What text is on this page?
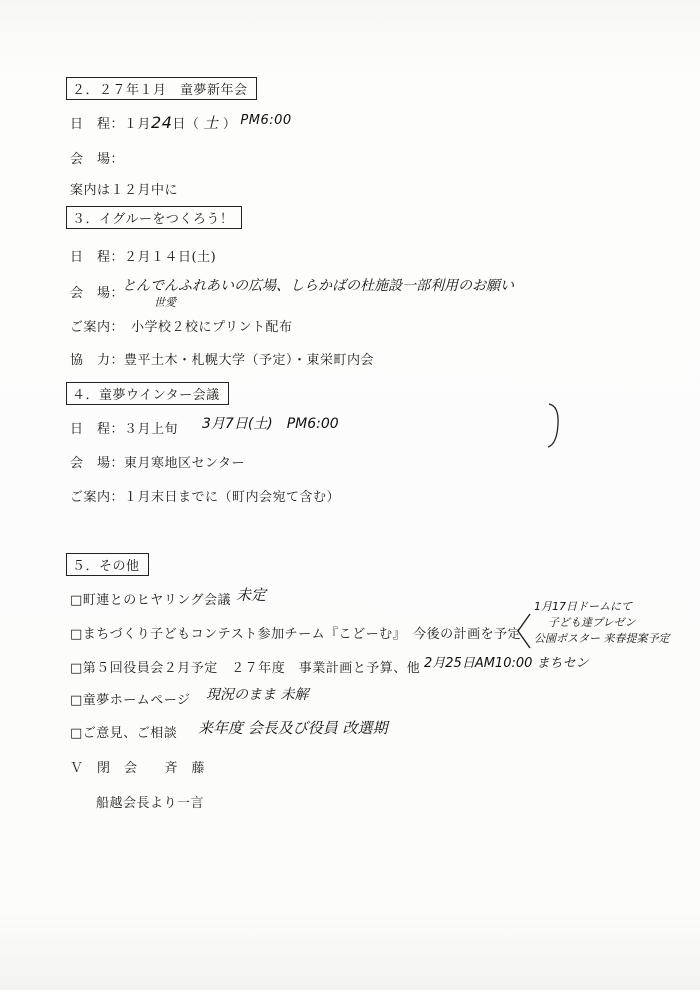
２．２７年１月　童夢新年会
日　程：１月24日（ 土 ） PM6:00
会　場：
案内は１２月中に
３．イグルーをつくろう！
日　程：２月１４日(土)
会　場：
とんでんふれあいの広場、しらかばの杜施設一部利用のお願い
世愛
ご案内：　小学校２校にプリント配布
協　力：豊平土木・札幌大学（予定）・東栄町内会
４．童夢ウインター会議
日　程：３月上旬 3月7日(土)　PM6:00
会　場：東月寒地区センター
ご案内：１月末日までに（町内会宛て含む）
５．その他
□町連とのヒヤリング会議 未定
□まちづくり子どもコンテスト参加チーム『こどーむ』　今後の計画を予定
1月17日ドームにて
子ども達プレゼン
公園ポスター 来春提案予定
□第５回役員会２月予定　２７年度　事業計画と予算、他 2月25日AM10:00 まちセン
□童夢ホームページ 現況のまま 未解
□ご意見、ご相談 来年度 会長及び役員 改選期
Ｖ　閉　会　　斉　藤
船越会長より一言
